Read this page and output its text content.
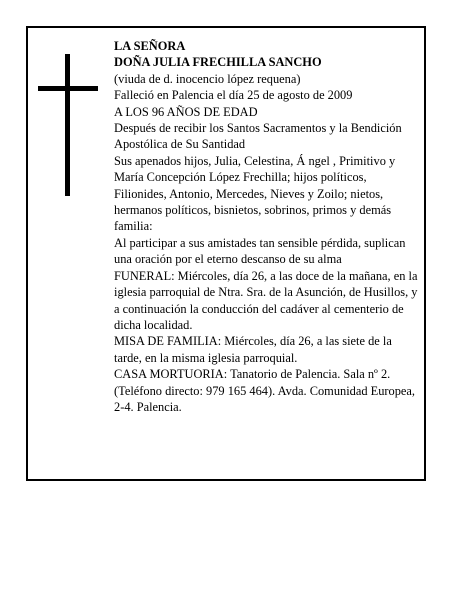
LA SEÑORA

DOÑA JULIA FRECHILLA SANCHO

(viuda de d. inocencio lópez requena)

Falleció en Palencia el día 25 de agosto de 2009

A LOS 96 AÑOS DE EDAD

Después de recibir los Santos Sacramentos y la Bendición Apostólica de Su Santidad

Sus apenados hijos, Julia, Celestina, Á ngel , Primitivo y María Concepción López Frechilla; hijos políticos, Filionides, Antonio, Mercedes, Nieves y Zoilo; nietos, hermanos políticos, bisnietos, sobrinos, primos y demás familia:

Al participar a sus amistades tan sensible pérdida, suplican una oración por el eterno descanso de su alma

FUNERAL: Miércoles, día 26, a las doce de la mañana, en la iglesia parroquial de Ntra. Sra. de la Asunción, de Husillos, y a continuación la conducción del cadáver al cementerio de dicha localidad.

MISA DE FAMILIA: Miércoles, día 26, a las siete de la tarde, en la misma iglesia parroquial.

CASA MORTUORIA: Tanatorio de Palencia. Sala nº 2. (Teléfono directo: 979 165 464). Avda. Comunidad Europea, 2-4. Palencia.
